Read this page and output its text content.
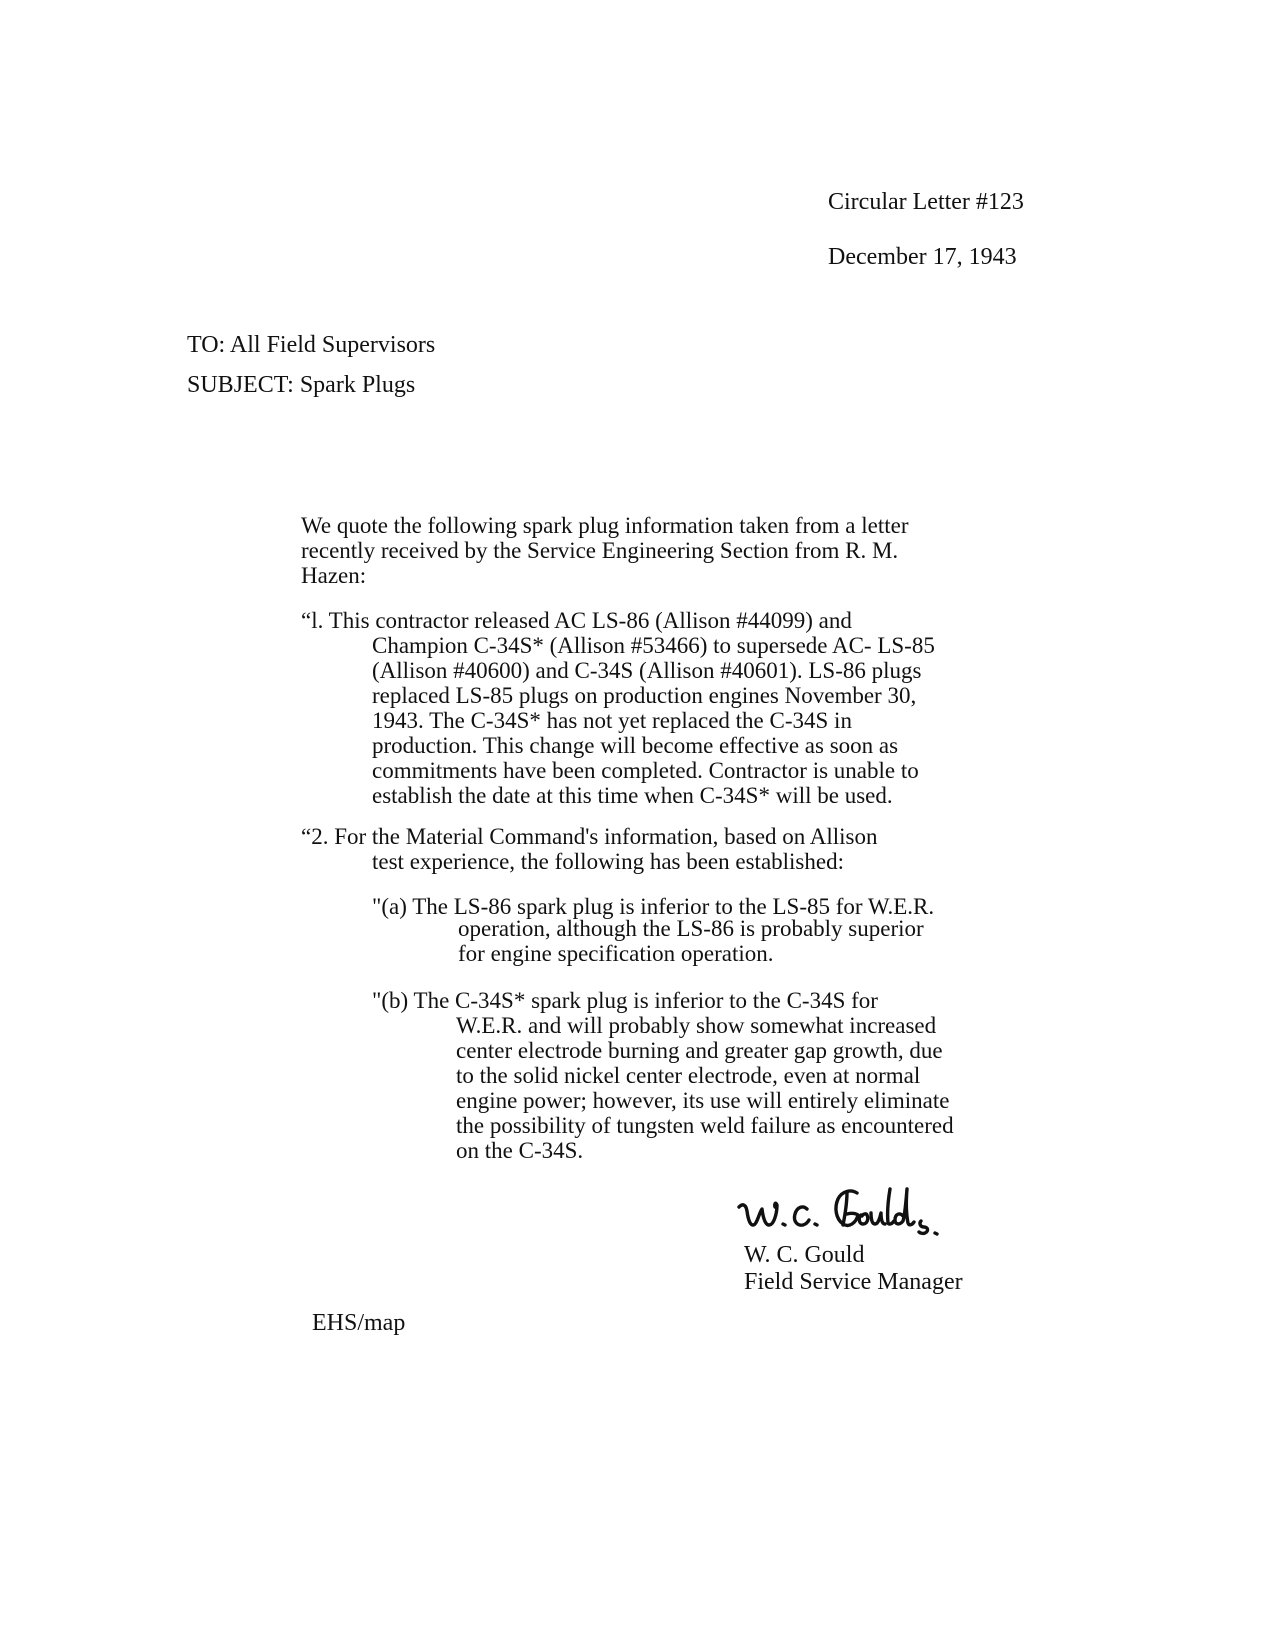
Circular Letter #123
December 17, 1943
TO: All Field Supervisors
SUBJECT: Spark Plugs
We quote the following spark plug information taken from a letter
recently received by the Service Engineering Section from R. M.
Hazen:
“l. This contractor released AC LS-86 (Allison #44099) and
Champion C-34S* (Allison #53466) to supersede AC- LS-85
(Allison #40600) and C-34S (Allison #40601). LS-86 plugs
replaced LS-85 plugs on production engines November 30,
1943. The C-34S* has not yet replaced the C-34S in
production. This change will become effective as soon as
commitments have been completed. Contractor is unable to
establish the date at this time when C-34S* will be used.
“2. For the Material Command's information, based on Allison
test experience, the following has been established:
"(a) The LS-86 spark plug is inferior to the LS-85 for W.E.R.
operation, although the LS-86 is probably superior
for engine specification operation.
"(b) The C-34S* spark plug is inferior to the C-34S for
W.E.R. and will probably show somewhat increased
center electrode burning and greater gap growth, due
to the solid nickel center electrode, even at normal
engine power; however, its use will entirely eliminate
the possibility of tungsten weld failure as encountered
on the C-34S.
W. C. Gould
Field Service Manager
EHS/map
